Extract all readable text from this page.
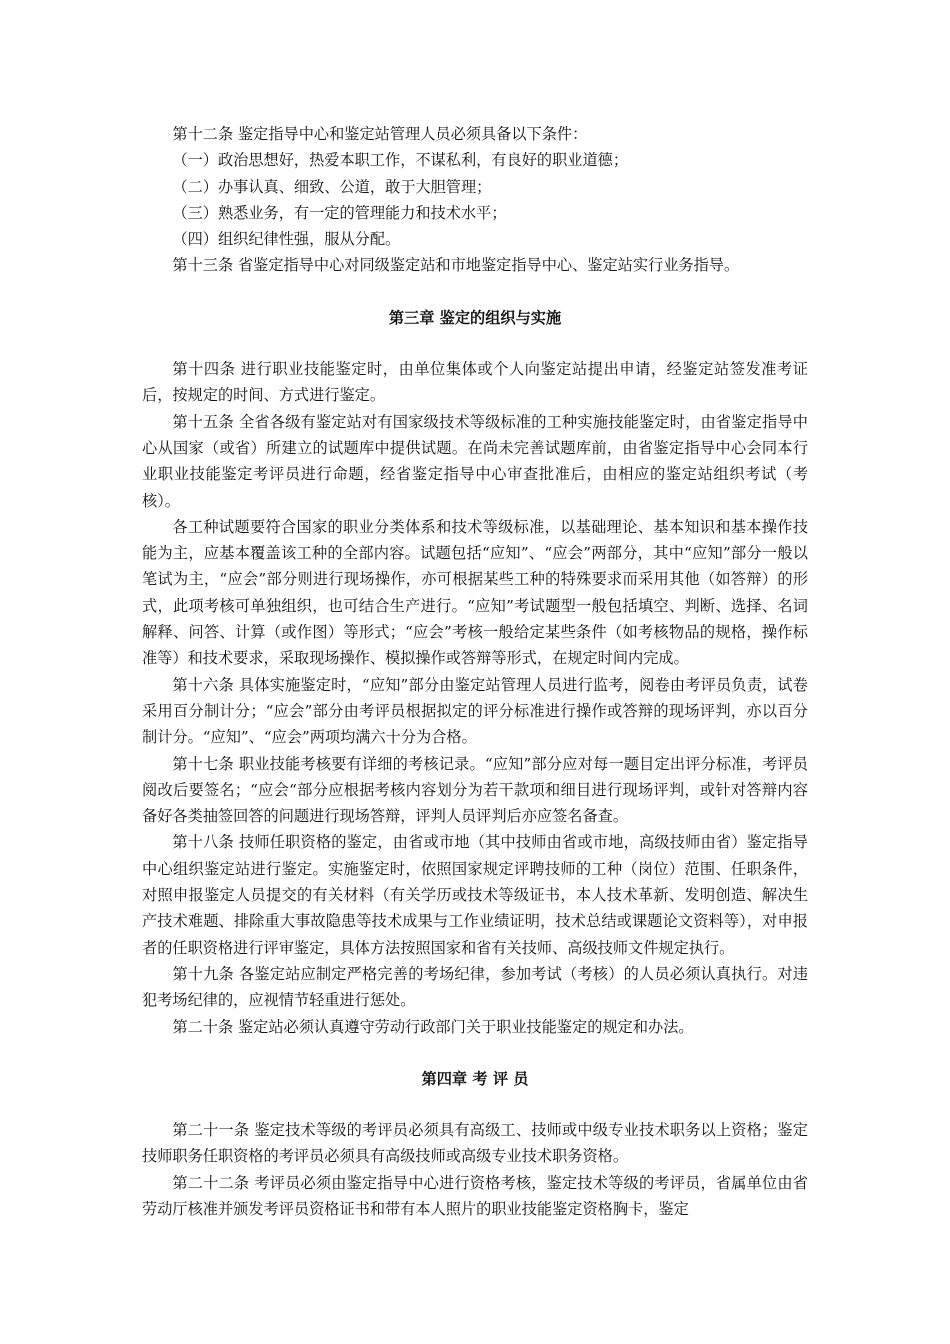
第十二条 鉴定指导中心和鉴定站管理人员必须具备以下条件：

（一）政治思想好，热爱本职工作，不谋私利，有良好的职业道德；

（二）办事认真、细致、公道，敢于大胆管理；

（三）熟悉业务，有一定的管理能力和技术水平；

（四）组织纪律性强，服从分配。

第十三条 省鉴定指导中心对同级鉴定站和市地鉴定指导中心、鉴定站实行业务指导。

第三章 鉴定的组织与实施

第十四条 进行职业技能鉴定时，由单位集体或个人向鉴定站提出申请，经鉴定站签发准考证后，按规定的时间、方式进行鉴定。

第十五条 全省各级有鉴定站对有国家级技术等级标准的工种实施技能鉴定时，由省鉴定指导中心从国家（或省）所建立的试题库中提供试题。在尚未完善试题库前，由省鉴定指导中心会同本行业职业技能鉴定考评员进行命题，经省鉴定指导中心审查批准后，由相应的鉴定站组织考试（考核）。

各工种试题要符合国家的职业分类体系和技术等级标准，以基础理论、基本知识和基本操作技能为主，应基本覆盖该工种的全部内容。试题包括“应知”、“应会”两部分，其中“应知”部分一般以笔试为主，“应会”部分则进行现场操作，亦可根据某些工种的特殊要求而采用其他（如答辩）的形式，此项考核可单独组织，也可结合生产进行。“应知”考试题型一般包括填空、判断、选择、名词解释、问答、计算（或作图）等形式；“应会”考核一般给定某些条件（如考核物品的规格，操作标准等）和技术要求，采取现场操作、模拟操作或答辩等形式，在规定时间内完成。

第十六条 具体实施鉴定时，“应知”部分由鉴定站管理人员进行监考，阅卷由考评员负责，试卷采用百分制计分；“应会”部分由考评员根据拟定的评分标准进行操作或答辩的现场评判，亦以百分制计分。“应知”、“应会”两项均满六十分为合格。

第十七条 职业技能考核要有详细的考核记录。“应知”部分应对每一题目定出评分标准，考评员阅改后要签名；“应会“部分应根据考核内容划分为若干款项和细目进行现场评判，或针对答辩内容备好各类抽签回答的问题进行现场答辩，评判人员评判后亦应签名备查。

第十八条 技师任职资格的鉴定，由省或市地（其中技师由省或市地，高级技师由省）鉴定指导中心组织鉴定站进行鉴定。实施鉴定时，依照国家规定评聘技师的工种（岗位）范围、任职条件，对照申报鉴定人员提交的有关材料（有关学历或技术等级证书，本人技术革新、发明创造、解决生产技术难题、排除重大事故隐患等技术成果与工作业绩证明，技术总结或课题论文资料等），对申报者的任职资格进行评审鉴定，具体方法按照国家和省有关技师、高级技师文件规定执行。

第十九条 各鉴定站应制定严格完善的考场纪律，参加考试（考核）的人员必须认真执行。对违犯考场纪律的，应视情节轻重进行惩处。

第二十条 鉴定站必须认真遵守劳动行政部门关于职业技能鉴定的规定和办法。

第四章 考 评 员

第二十一条 鉴定技术等级的考评员必须具有高级工、技师或中级专业技术职务以上资格；鉴定技师职务任职资格的考评员必须具有高级技师或高级专业技术职务资格。

第二十二条 考评员必须由鉴定指导中心进行资格考核，鉴定技术等级的考评员，省属单位由省劳动厅核准并颁发考评员资格证书和带有本人照片的职业技能鉴定资格胸卡，鉴定
